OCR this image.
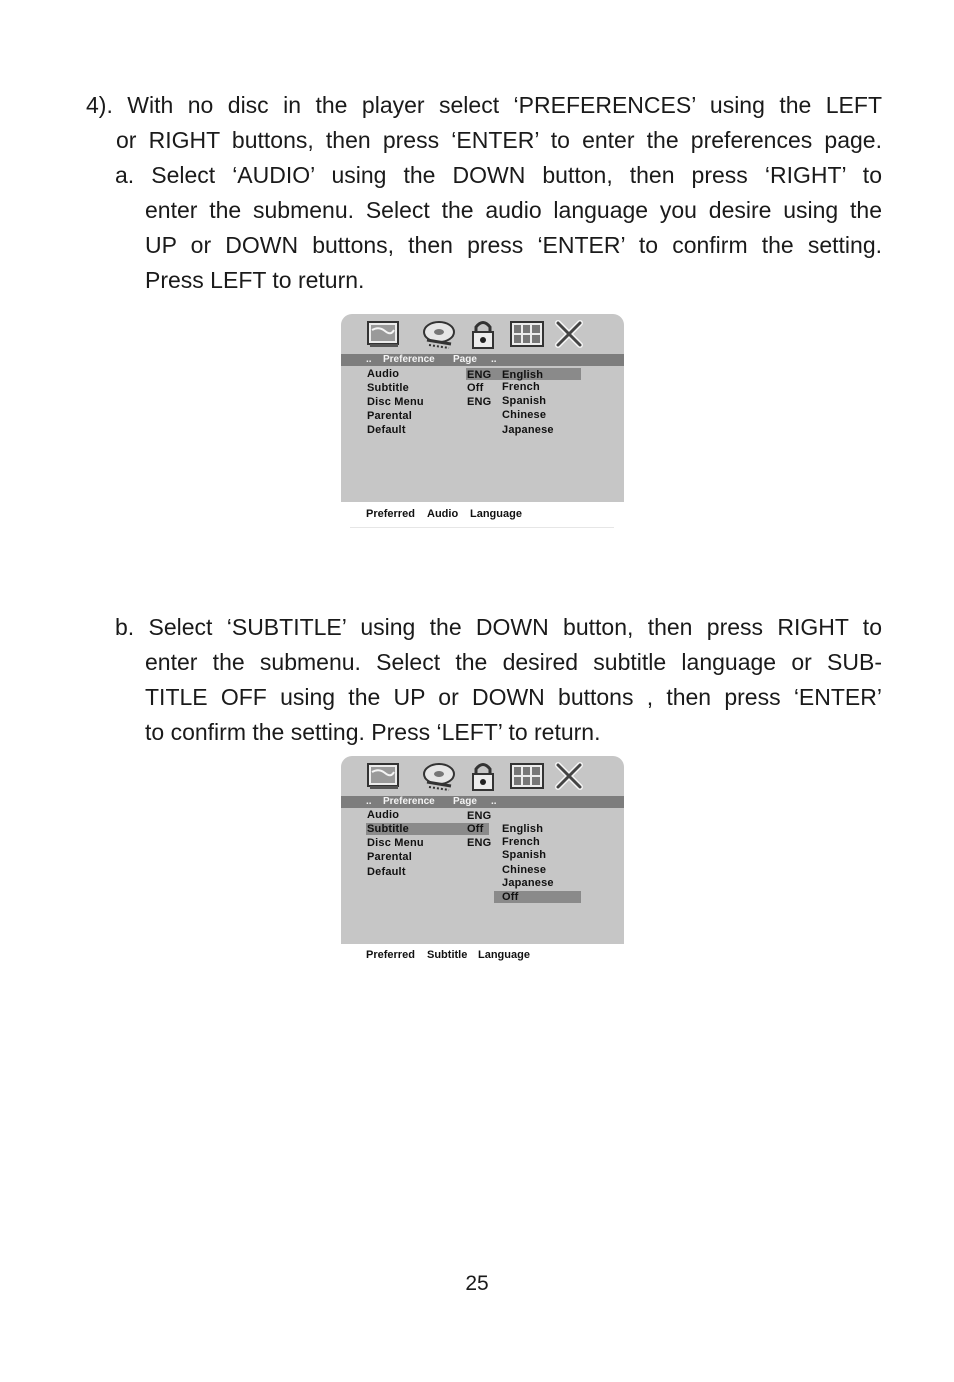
4). With no disc in the player select ‘PREFERENCES’ using the LEFT
or RIGHT buttons, then press ‘ENTER’ to enter the preferences page.
a. Select ‘AUDIO’ using the DOWN button, then press ‘RIGHT’ to
enter the submenu. Select the audio language you desire using the
UP or DOWN buttons, then press ‘ENTER’ to confirm the setting.
Press LEFT to return.
.. Preference Page ..
Audio
Subtitle
Disc Menu
Parental
Default
ENG
Off
ENG
English
French
Spanish
Chinese
Japanese
Preferred Audio Language
b. Select ‘SUBTITLE’ using the DOWN button, then press RIGHT to
enter the submenu. Select the desired subtitle language or SUB-
TITLE OFF using the UP or DOWN buttons , then press ‘ENTER’
to confirm the setting. Press ‘LEFT’ to return.
.. Preference Page ..
Audio
Subtitle
Disc Menu
Parental
Default
ENG
Off
ENG
English
French
Spanish
Chinese
Japanese
Off
Preferred Subtitle Language
25
